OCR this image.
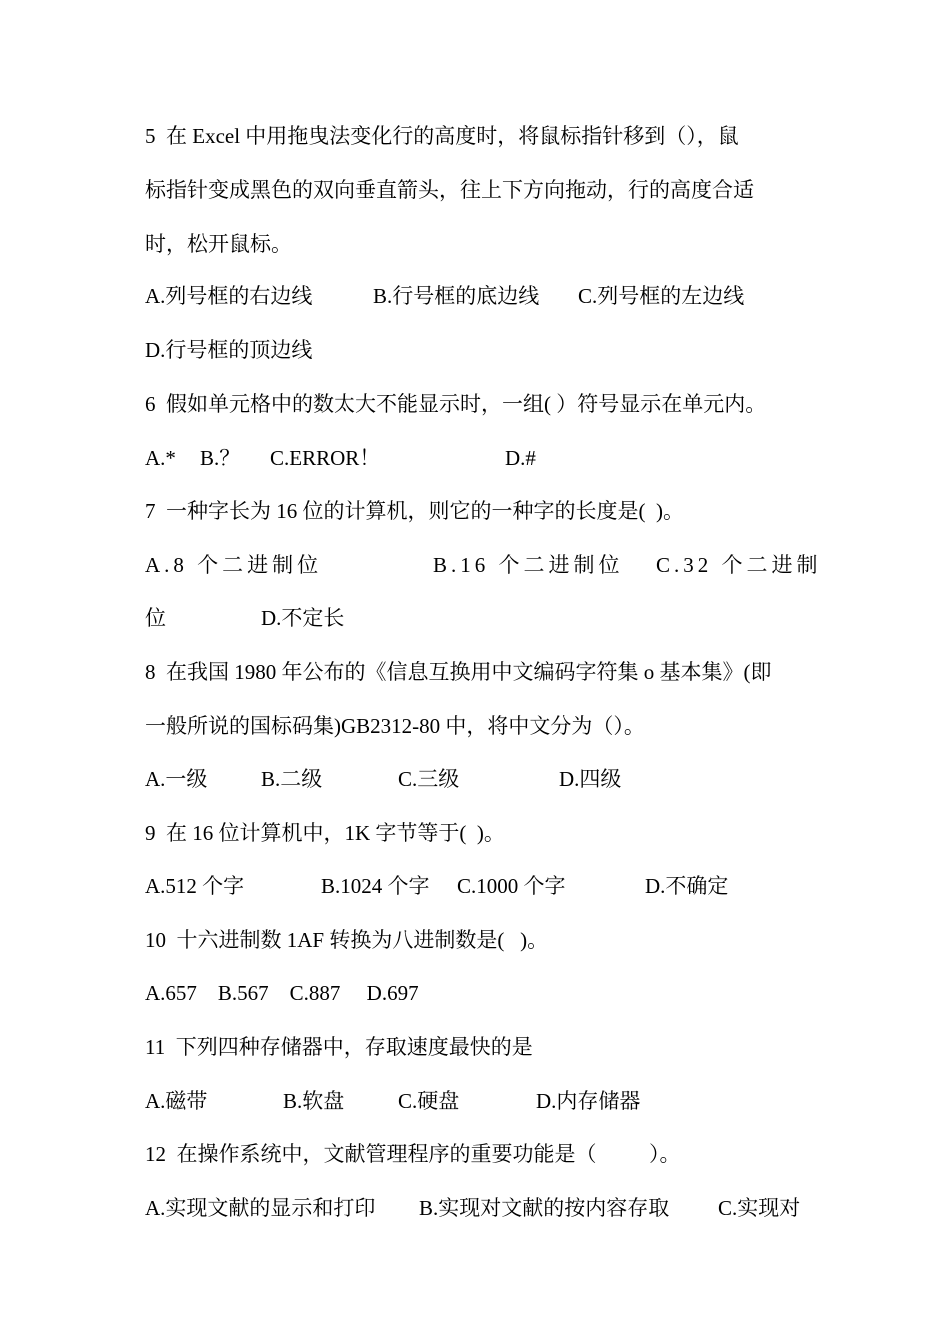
5  在 Excel 中用拖曳法变化行的高度时，将鼠标指针移到（），鼠
标指针变成黑色的双向垂直箭头，往上下方向拖动，行的高度合适
时，松开鼠标。

A.列号框的右边线

	B.行号框的底边线

C.列号框的左边线

D.行号框的顶边线
6  假如单元格中的数太大不能显示时，一组( ）符号显示在单元内。

A.*

B.？

C.ERROR！

	D.#

7  一种字长为 16 位的计算机，则它的一种字的长度是(  )。

A.8 个二进制位

	B.16 个二进制位

C.32 个二进制

位

	D.不定长

8  在我国 1980 年公布的《信息互换用中文编码字符集 o 基本集》(即
一般所说的国标码集)GB2312-80 中，将中文分为（）。

A.一级

	B.二级

	C.三级

	D.四级

9  在 16 位计算机中，1K 字节等于(  )。

A.512 个字

	B.1024 个字

C.1000 个字

	D.不确定

10  十六进制数 1AF 转换为八进制数是(   )。
A.657    B.567    C.887     D.697
11  下列四种存储器中，存取速度最快的是

A.磁带

	B.软盘

	C.硬盘

	D.内存储器

12  在操作系统中，文献管理程序的重要功能是（          ）。

A.实现文献的显示和打印

B.实现对文献的按内容存取

C.实现对
